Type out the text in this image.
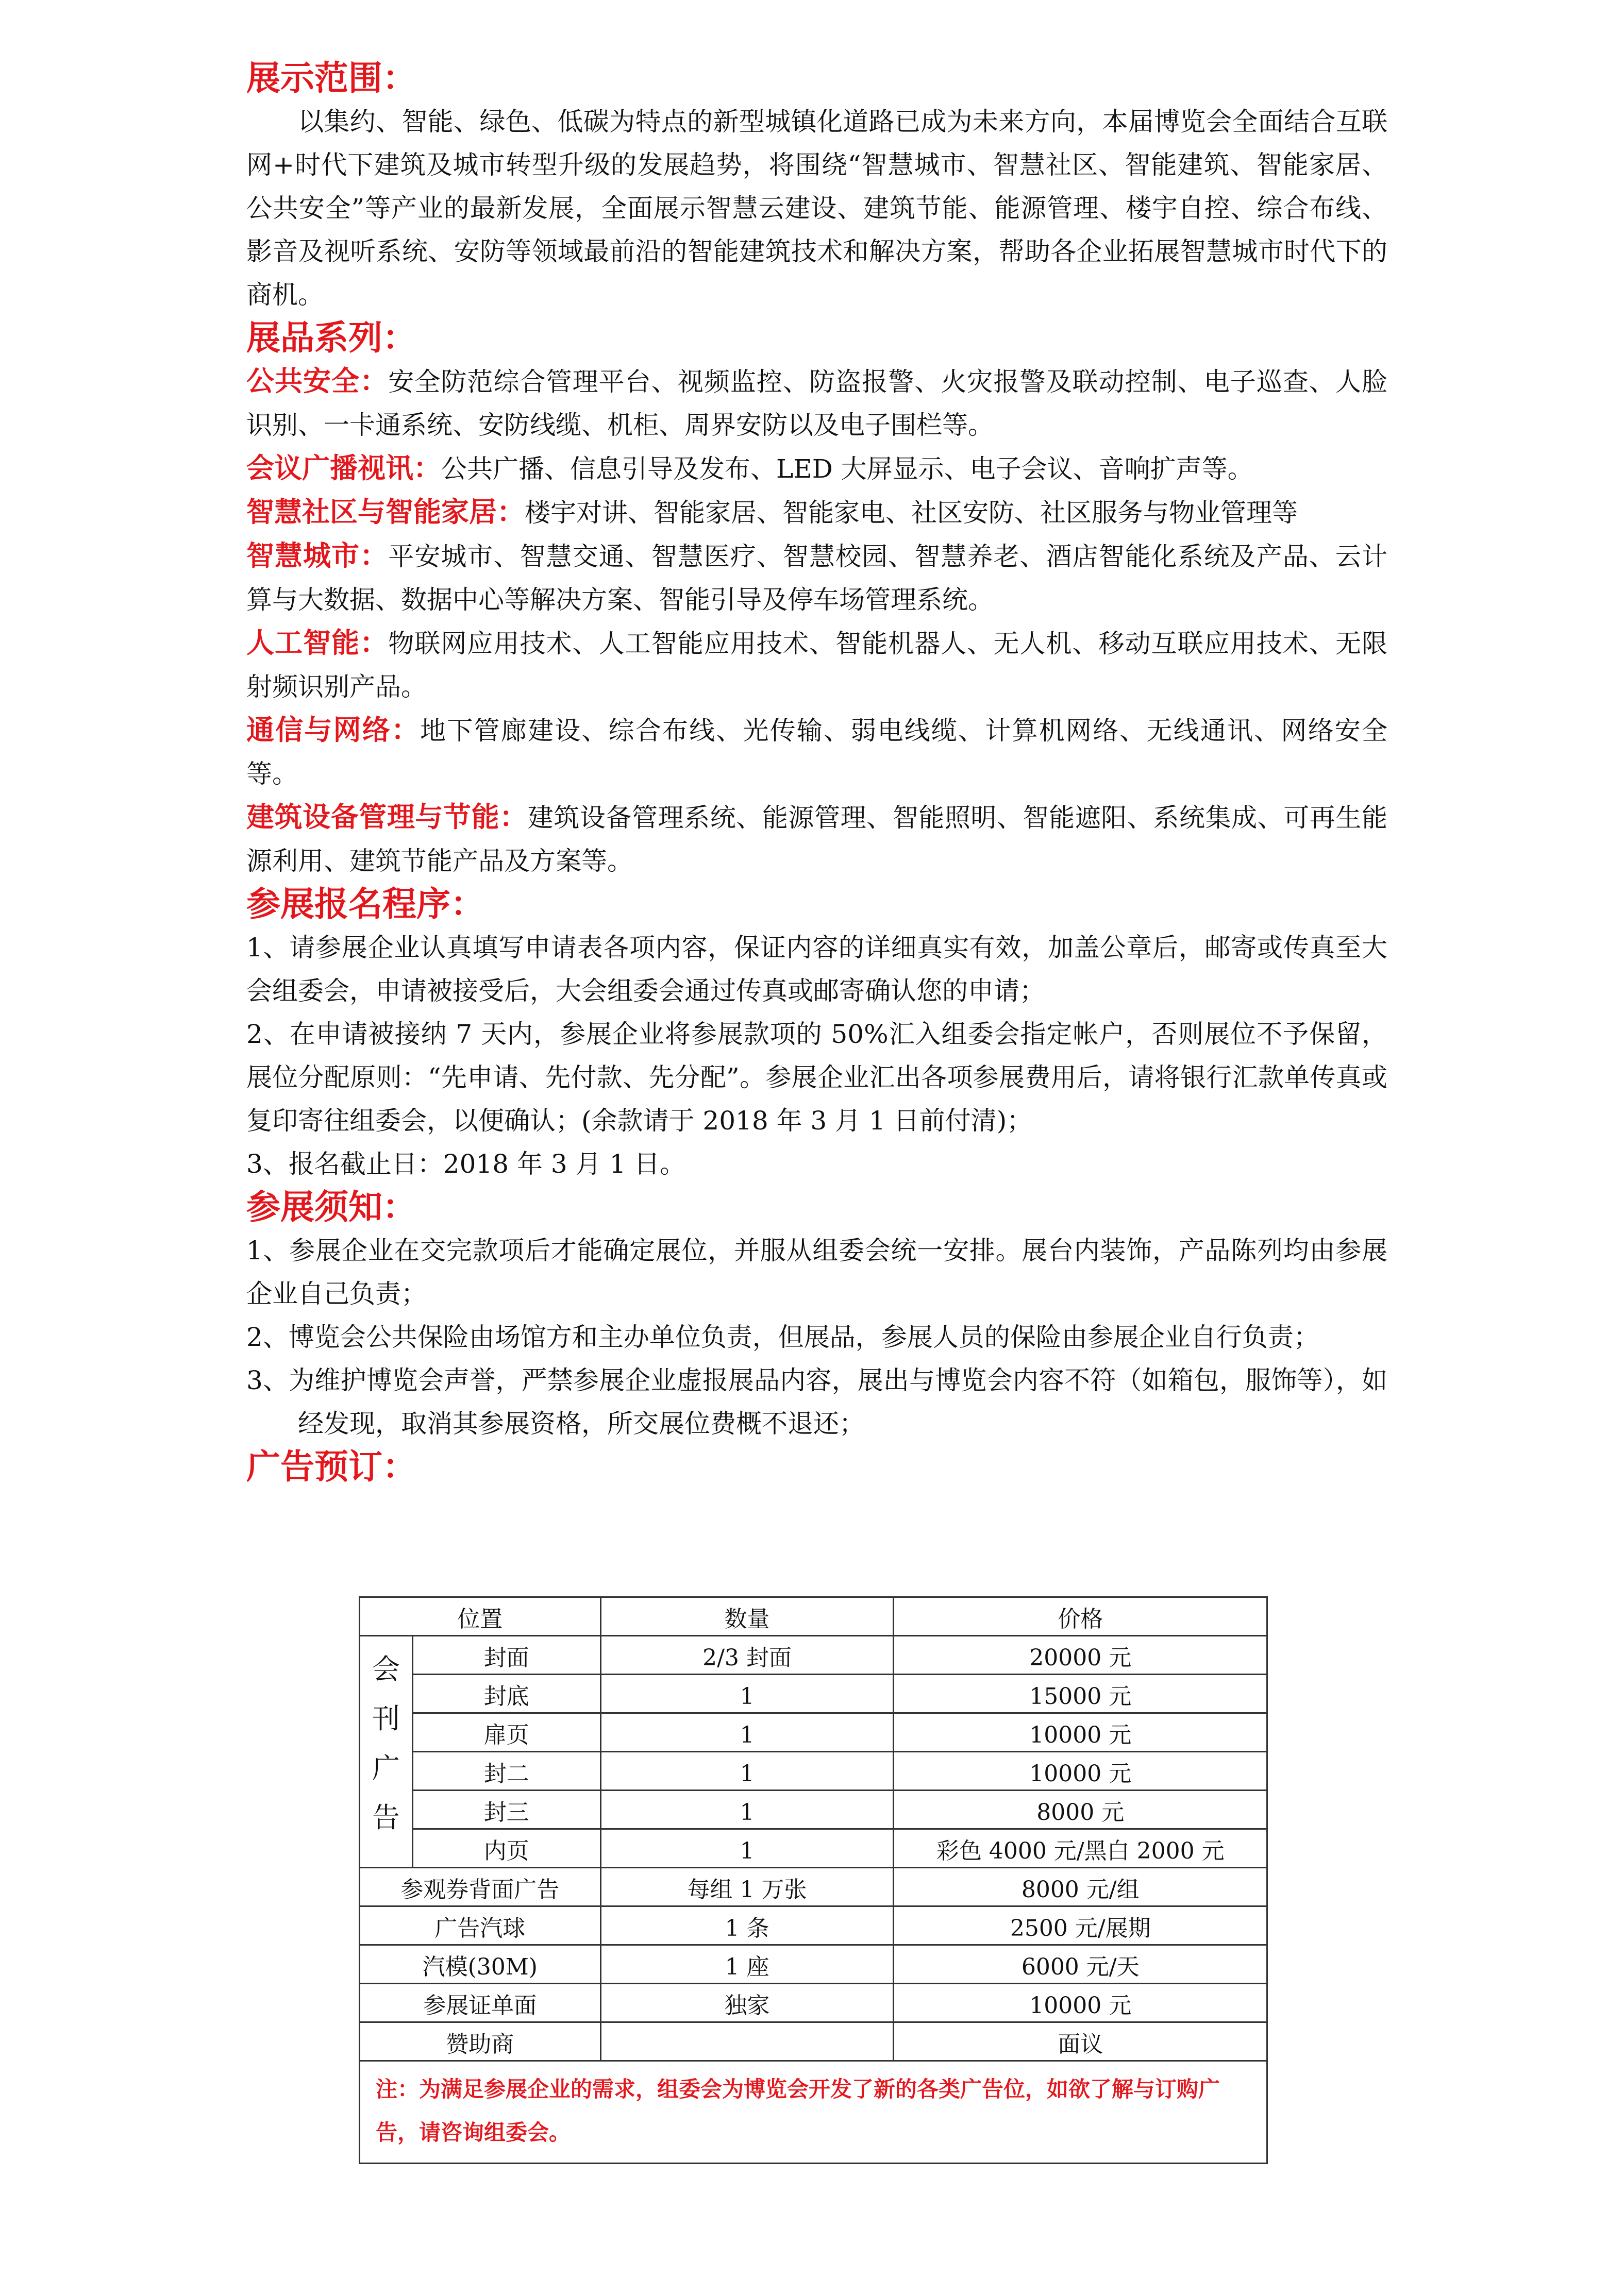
展示范围：

以集约、智能、绿色、低碳为特点的新型城镇化道路已成为未来方向，本届博览会全面结合互联网+时代下建筑及城市转型升级的发展趋势，将围绕“智慧城市、智慧社区、智能建筑、智能家居、公共安全”等产业的最新发展，全面展示智慧云建设、建筑节能、能源管理、楼宇自控、综合布线、影音及视听系统、安防等领域最前沿的智能建筑技术和解决方案，帮助各企业拓展智慧城市时代下的商机。

展品系列：

公共安全：安全防范综合管理平台、视频监控、防盗报警、火灾报警及联动控制、电子巡查、人脸识别、一卡通系统、安防线缆、机柜、周界安防以及电子围栏等。

会议广播视讯：公共广播、信息引导及发布、LED 大屏显示、电子会议、音响扩声等。

智慧社区与智能家居：楼宇对讲、智能家居、智能家电、社区安防、社区服务与物业管理等

智慧城市：平安城市、智慧交通、智慧医疗、智慧校园、智慧养老、酒店智能化系统及产品、云计算与大数据、数据中心等解决方案、智能引导及停车场管理系统。

人工智能：物联网应用技术、人工智能应用技术、智能机器人、无人机、移动互联应用技术、无限射频识别产品。

通信与网络：地下管廊建设、综合布线、光传输、弱电线缆、计算机网络、无线通讯、网络安全等。

建筑设备管理与节能：建筑设备管理系统、能源管理、智能照明、智能遮阳、系统集成、可再生能源利用、建筑节能产品及方案等。

参展报名程序：

1、请参展企业认真填写申请表各项内容，保证内容的详细真实有效，加盖公章后，邮寄或传真至大会组委会，申请被接受后，大会组委会通过传真或邮寄确认您的申请；

2、在申请被接纳 7 天内，参展企业将参展款项的 50%汇入组委会指定帐户，否则展位不予保留，展位分配原则：“先申请、先付款、先分配”。参展企业汇出各项参展费用后，请将银行汇款单传真或复印寄往组委会，以便确认；(余款请于 2018 年 3 月 1 日前付清)；

3、报名截止日：2018 年 3 月 1 日。

参展须知：

1、参展企业在交完款项后才能确定展位，并服从组委会统一安排。展台内装饰，产品陈列均由参展企业自己负责；

2、博览会公共保险由场馆方和主办单位负责，但展品，参展人员的保险由参展企业自行负责；

3、为维护博览会声誉，严禁参展企业虚报展品内容，展出与博览会内容不符（如箱包，服饰等），如经发现，取消其参展资格，所交展位费概不退还；

广告预订：
位置		数量	价格
会
刊
广
告	封面	2/3 封面	20000 元
	封底	1	15000 元
	扉页	1	10000 元
	封二	1	10000 元
	封三	1	8000 元
	内页	1	彩色 4000 元/黑白 2000 元
参观券背面广告		每组 1 万张	8000 元/组
广告汽球		1 条	2500 元/展期
汽模(30M)		1 座	6000 元/天
参展证单面		独家	10000 元
赞助商			面议
注：为满足参展企业的需求，组委会为博览会开发了新的各类广告位，如欲了解与订购广告，请咨询组委会。			
